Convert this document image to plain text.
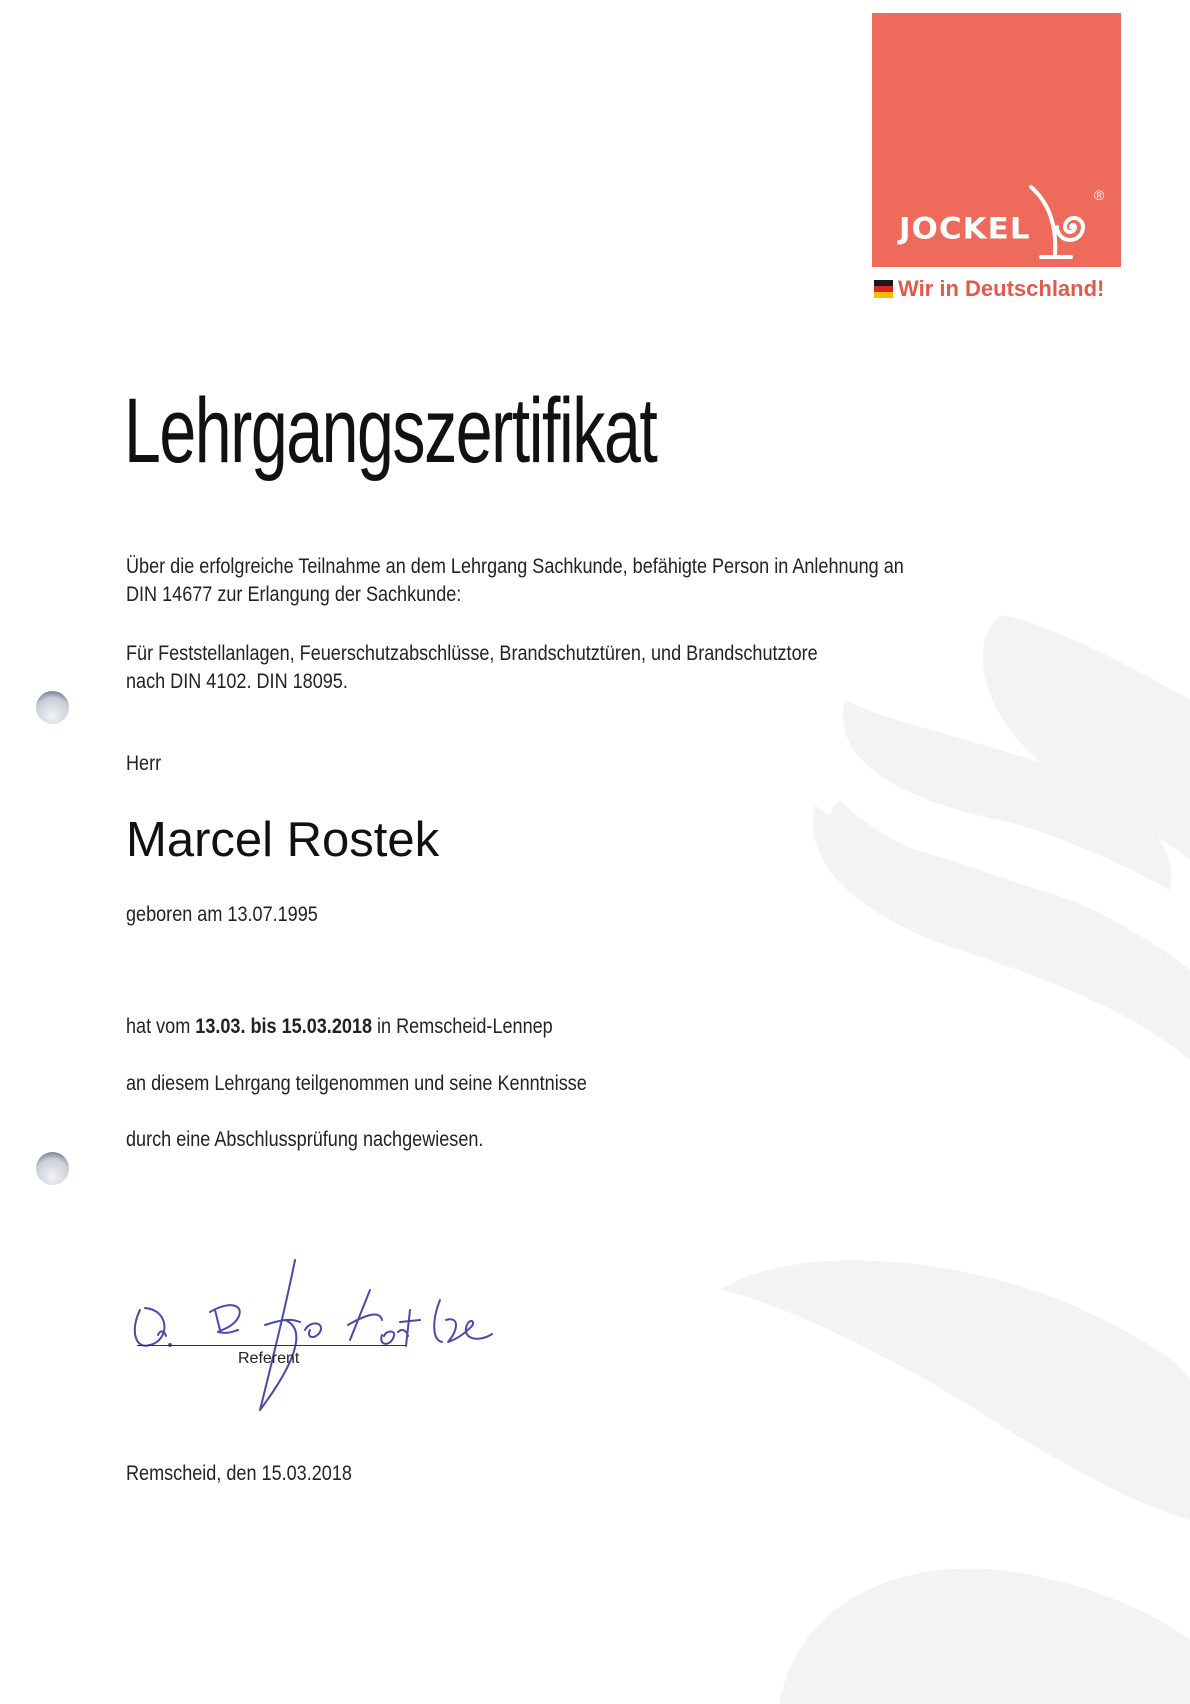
JOCKEL
®
Wir in Deutschland!
Lehrgangszertifikat
Über die erfolgreiche Teilnahme an dem Lehrgang Sachkunde, befähigte Person in Anlehnung an
DIN 14677 zur Erlangung der Sachkunde:
Für Feststellanlagen, Feuerschutzabschlüsse, Brandschutztüren, und Brandschutztore
nach DIN 4102. DIN 18095.
Herr
Marcel Rostek
geboren am 13.07.1995
hat vom 13.03. bis 15.03.2018 in Remscheid-Lennep
an diesem Lehrgang teilgenommen und seine Kenntnisse
durch eine Abschlussprüfung nachgewiesen.
Referent
Remscheid, den 15.03.2018
